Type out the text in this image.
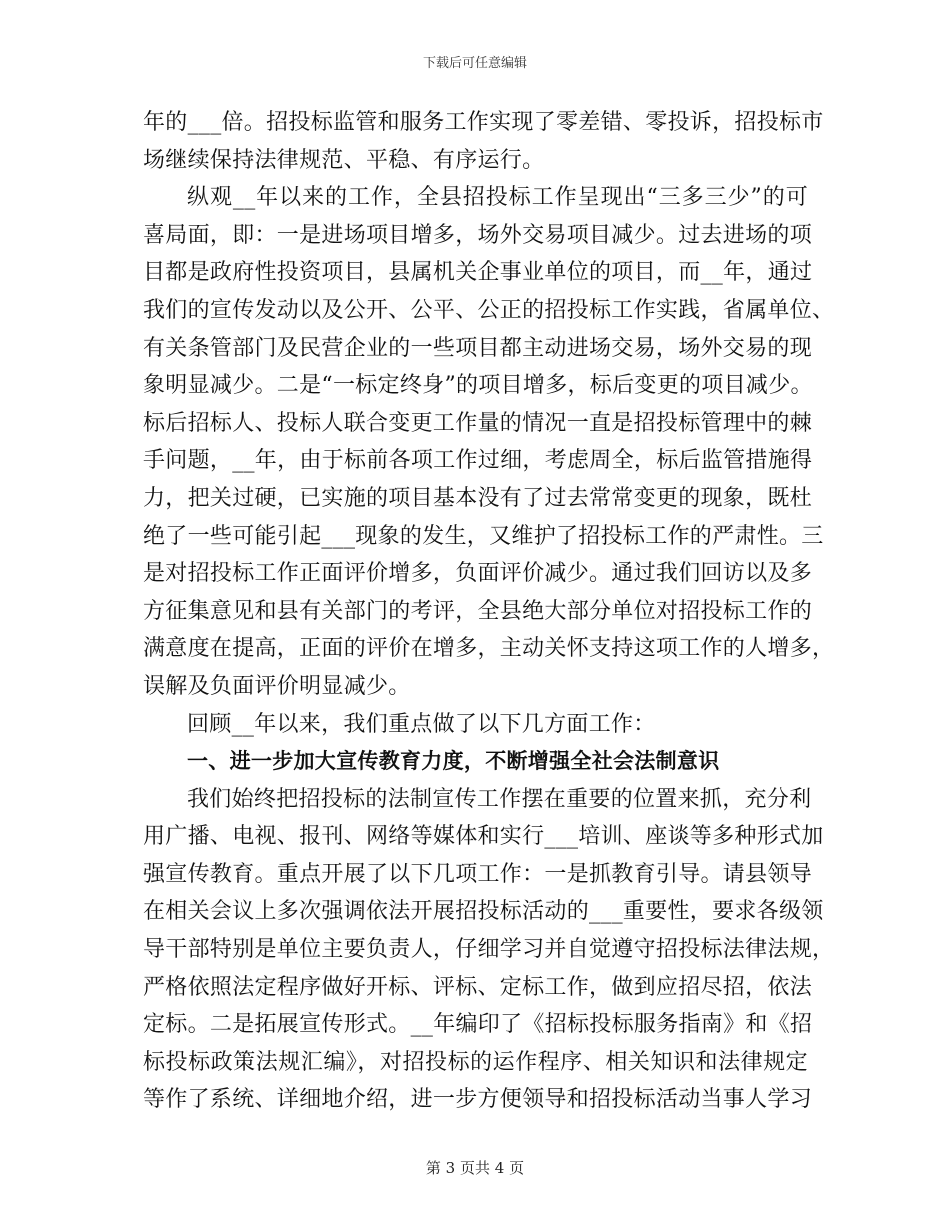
下载后可任意编辑
年的___倍。招投标监管和服务工作实现了零差错、零投诉，招投标市
场继续保持法律规范、平稳、有序运行。
纵观__年以来的工作，全县招投标工作呈现出“三多三少”的可
喜局面，即：一是进场项目增多，场外交易项目减少。过去进场的项
目都是政府性投资项目，县属机关企事业单位的项目，而__年，通过
我们的宣传发动以及公开、公平、公正的招投标工作实践，省属单位、
有关条管部门及民营企业的一些项目都主动进场交易，场外交易的现
象明显减少。二是“一标定终身”的项目增多，标后变更的项目减少。
标后招标人、投标人联合变更工作量的情况一直是招投标管理中的棘
手问题，__年，由于标前各项工作过细，考虑周全，标后监管措施得
力，把关过硬，已实施的项目基本没有了过去常常变更的现象，既杜
绝了一些可能引起___现象的发生，又维护了招投标工作的严肃性。三
是对招投标工作正面评价增多，负面评价减少。通过我们回访以及多
方征集意见和县有关部门的考评，全县绝大部分单位对招投标工作的
满意度在提高，正面的评价在增多，主动关怀支持这项工作的人增多，
误解及负面评价明显减少。
回顾__年以来，我们重点做了以下几方面工作：
一、进一步加大宣传教育力度，不断增强全社会法制意识
我们始终把招投标的法制宣传工作摆在重要的位置来抓，充分利
用广播、电视、报刊、网络等媒体和实行___培训、座谈等多种形式加
强宣传教育。重点开展了以下几项工作：一是抓教育引导。请县领导
在相关会议上多次强调依法开展招投标活动的___重要性，要求各级领
导干部特别是单位主要负责人，仔细学习并自觉遵守招投标法律法规，
严格依照法定程序做好开标、评标、定标工作，做到应招尽招，依法
定标。二是拓展宣传形式。__年编印了《招标投标服务指南》和《招
标投标政策法规汇编》，对招投标的运作程序、相关知识和法律规定
等作了系统、详细地介绍，进一步方便领导和招投标活动当事人学习
第 3 页共 4 页
